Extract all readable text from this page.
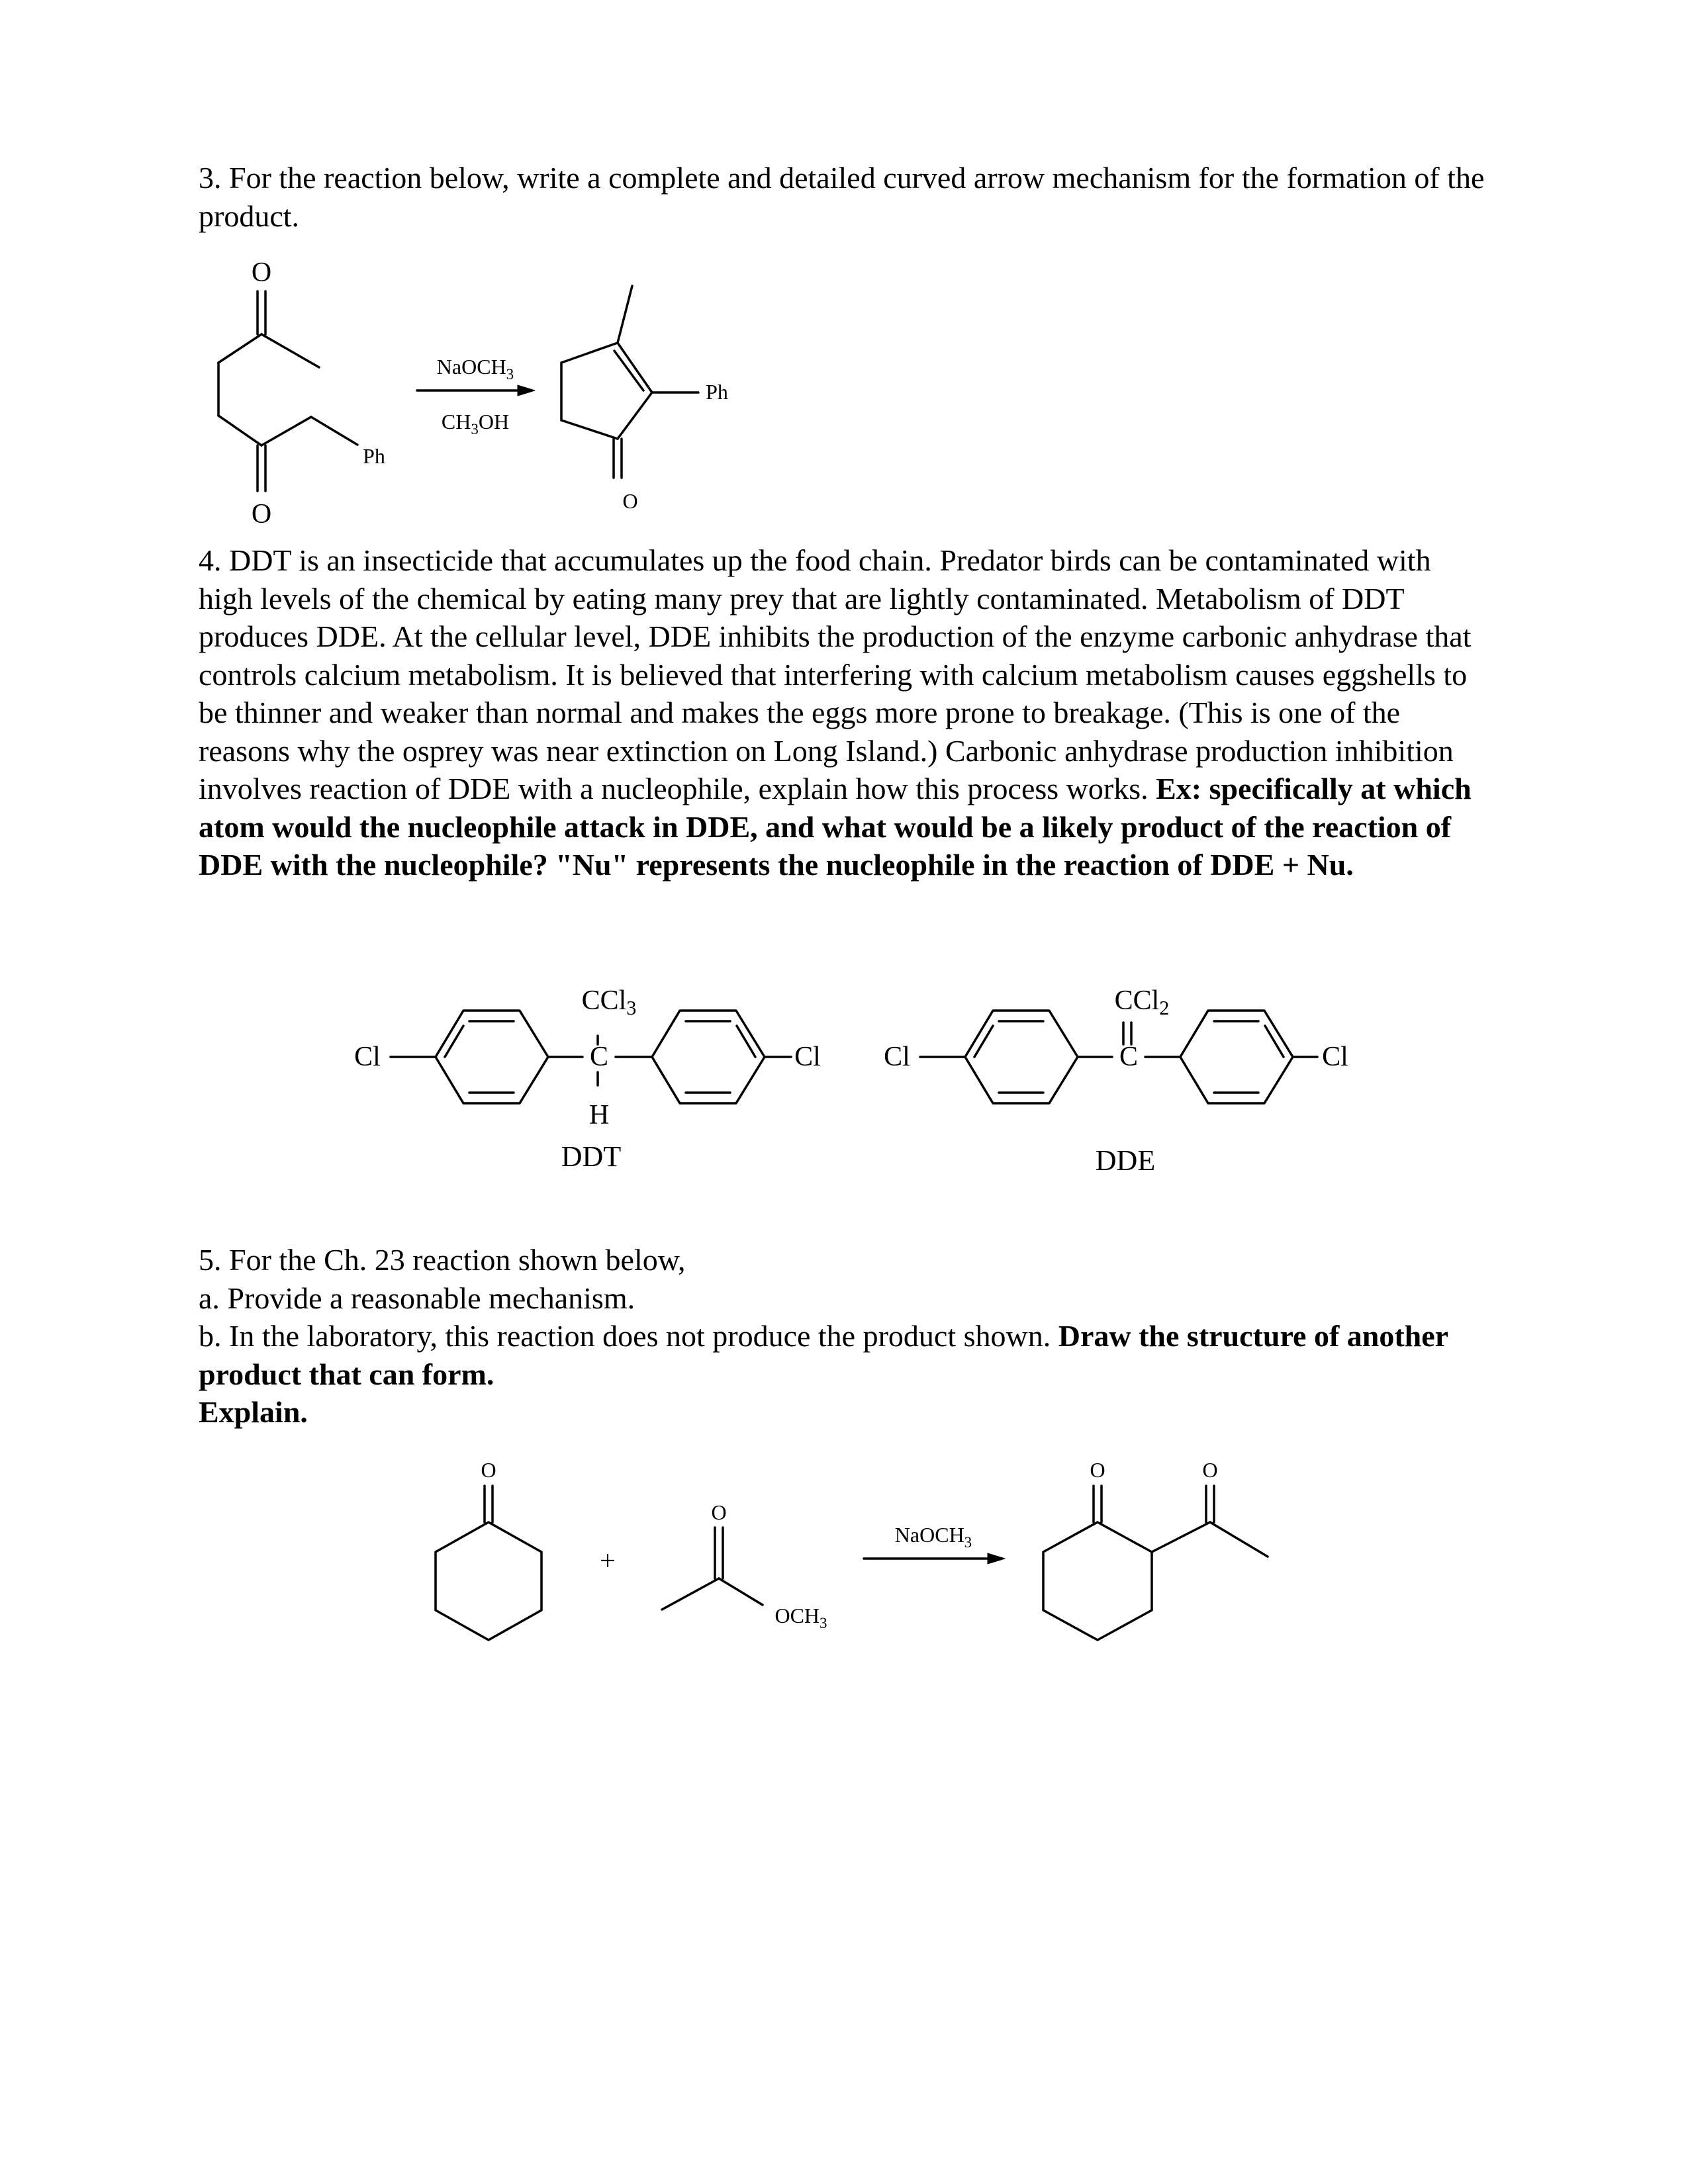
3. For the reaction below, write a complete and detailed curved arrow mechanism for the formation of the product.

O
Ph
O
NaOCH$_3$
$CH_3OH$
Ph
O

4. DDT is an insecticide that accumulates up the food chain. Predator birds can be contaminated with high levels of the chemical by eating many prey that are lightly contaminated. Metabolism of DDT produces DDE. At the cellular level, DDE inhibits the production of the enzyme carbonic anhydrase that controls calcium metabolism. It is believed that interfering with calcium metabolism causes eggshells to be thinner and weaker than normal and makes the eggs more prone to breakage. (This is one of the reasons why the osprey was near extinction on Long Island.) Carbonic anhydrase production inhibition involves reaction of DDE with a nucleophile, explain how this process works. Ex: specifically at which atom would the nucleophile attack in DDE, and what would be a likely product of the reaction of DDE with the nucleophile? "Nu" represents the nucleophile in the reaction of DDE + Nu.

Cl	C
CCl3
H
Cl
DDT
Cl	C
CCl2
Cl
DDE

5. For the Ch. 23 reaction shown below,

a. Provide a reasonable mechanism.

b. In the laboratory, this reaction does not produce the product shown. Draw the structure of another product that can form.

Explain.

O
+
O
$OCH_3$
NaOCH$_3$
O	O
